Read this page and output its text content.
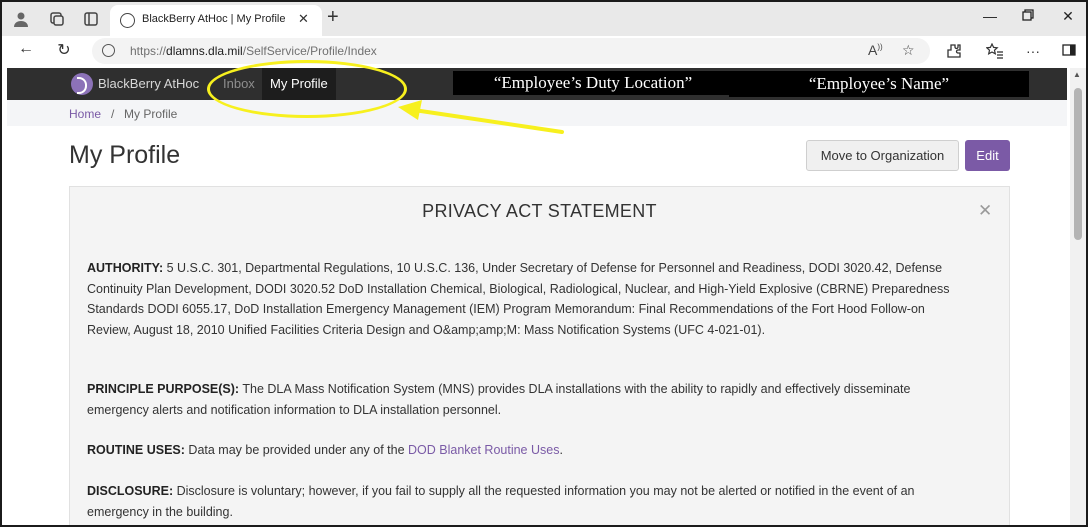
BlackBerry AtHoc | My Profile ✕ +	—	✕
← ↻	https://dlamns.dla.mil/SelfService/Profile/Index	A)) ☆	···
BlackBerry AtHoc Inbox	My Profile	“Employee’s Duty Location”	“Employee’s Name”	▲
Home / My Profile
My Profile	Move to Organization	Edit
PRIVACY ACT STATEMENT	✕

AUTHORITY: 5 U.S.C. 301, Departmental Regulations, 10 U.S.C. 136, Under Secretary of Defense for Personnel and Readiness, DODI 3020.42, Defense Continuity Plan Development, DODI 3020.52 DoD Installation Chemical, Biological, Radiological, Nuclear, and High-Yield Explosive (CBRNE) Preparedness Standards DODI 6055.17, DoD Installation Emergency Management (IEM) Program Memorandum: Final Recommendations of the Fort Hood Follow-on Review, August 18, 2010 Unified Facilities Criteria Design and O&amp;amp;M: Mass Notification Systems (UFC 4-021-01).

PRINCIPLE PURPOSE(S): The DLA Mass Notification System (MNS) provides DLA installations with the ability to rapidly and effectively disseminate emergency alerts and notification information to DLA installation personnel.

ROUTINE USES: Data may be provided under any of the DOD Blanket Routine Uses.

DISCLOSURE: Disclosure is voluntary; however, if you fail to supply all the requested information you may not be alerted or notified in the event of an emergency in the building.
